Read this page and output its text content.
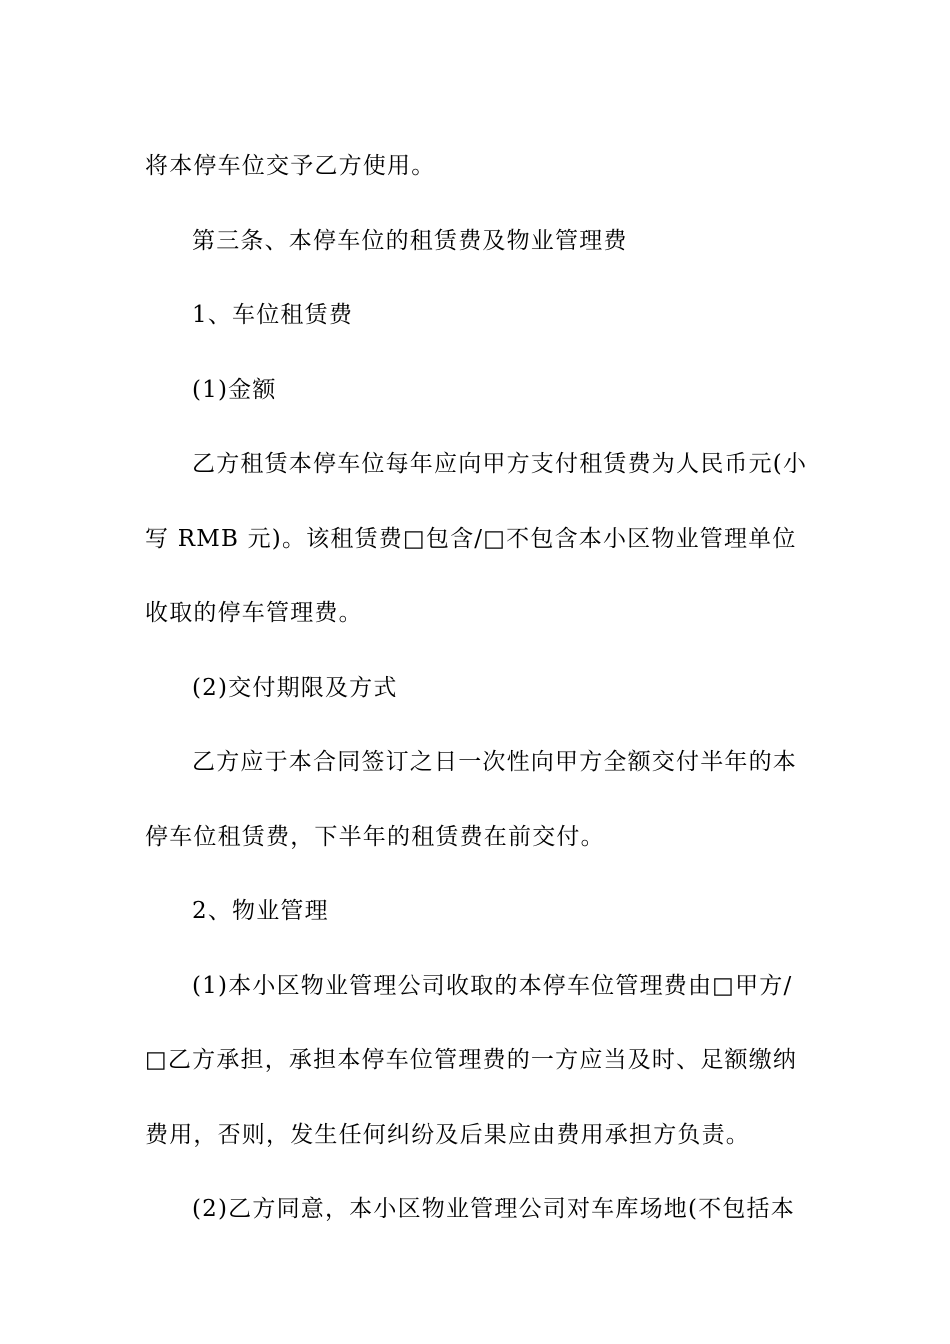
将本停车位交予乙方使用。

第三条、本停车位的租赁费及物业管理费

1、车位租赁费

(1)金额

乙方租赁本停车位每年应向甲方支付租赁费为人民币元(小写 RMB 元)。该租赁费□包含/□不包含本小区物业管理单位收取的停车管理费。

(2)交付期限及方式

乙方应于本合同签订之日一次性向甲方全额交付半年的本停车位租赁费，下半年的租赁费在前交付。

2、物业管理

(1)本小区物业管理公司收取的本停车位管理费由□甲方/□乙方承担，承担本停车位管理费的一方应当及时、足额缴纳费用，否则，发生任何纠纷及后果应由费用承担方负责。

(2)乙方同意，本小区物业管理公司对车库场地(不包括本
